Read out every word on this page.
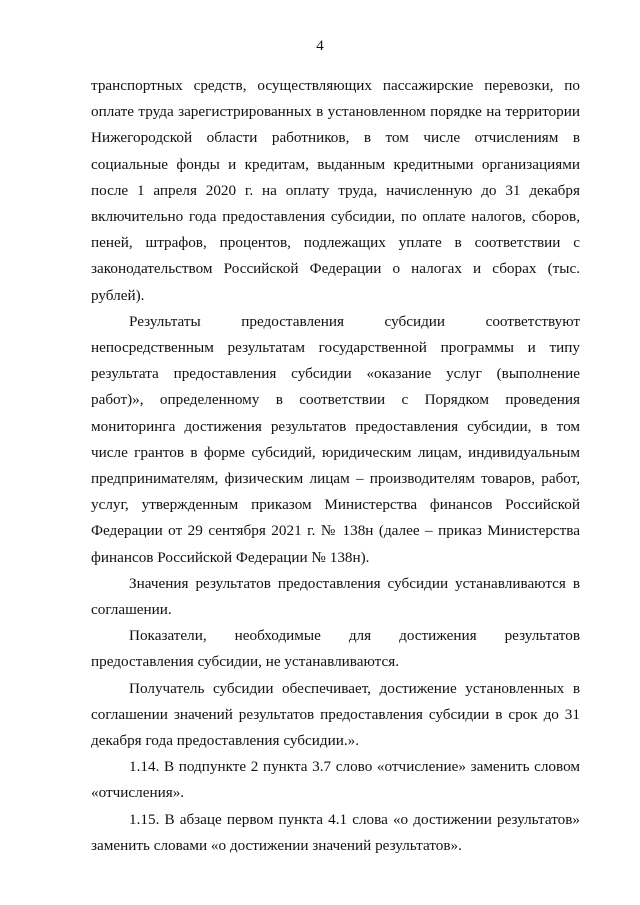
4

транспортных средств, осуществляющих пассажирские перевозки, по оплате труда зарегистрированных в установленном порядке на территории Нижегородской области работников, в том числе отчислениям в социальные фонды и кредитам, выданным кредитными организациями после 1 апреля 2020 г. на оплату труда, начисленную до 31 декабря включительно года предоставления субсидии, по оплате налогов, сборов, пеней, штрафов, процентов, подлежащих уплате в соответствии с законодательством Российской Федерации о налогах и сборах (тыс. рублей).

Результаты предоставления субсидии соответствуют непосредственным результатам государственной программы и типу результата предоставления субсидии «оказание услуг (выполнение работ)», определенному в соответствии с Порядком проведения мониторинга достижения результатов предоставления субсидии, в том числе грантов в форме субсидий, юридическим лицам, индивидуальным предпринимателям, физическим лицам – производителям товаров, работ, услуг, утвержденным приказом Министерства финансов Российской Федерации от 29 сентября 2021 г. № 138н (далее – приказ Министерства финансов Российской Федерации № 138н).

Значения результатов предоставления субсидии устанавливаются в соглашении.

Показатели, необходимые для достижения результатов предоставления субсидии, не устанавливаются.

Получатель субсидии обеспечивает, достижение установленных в соглашении значений результатов предоставления субсидии в срок до 31 декабря года предоставления субсидии.».

1.14. В подпункте 2 пункта 3.7 слово «отчисление» заменить словом «отчисления».

1.15. В абзаце первом пункта 4.1 слова «о достижении результатов» заменить словами «о достижении значений результатов».
